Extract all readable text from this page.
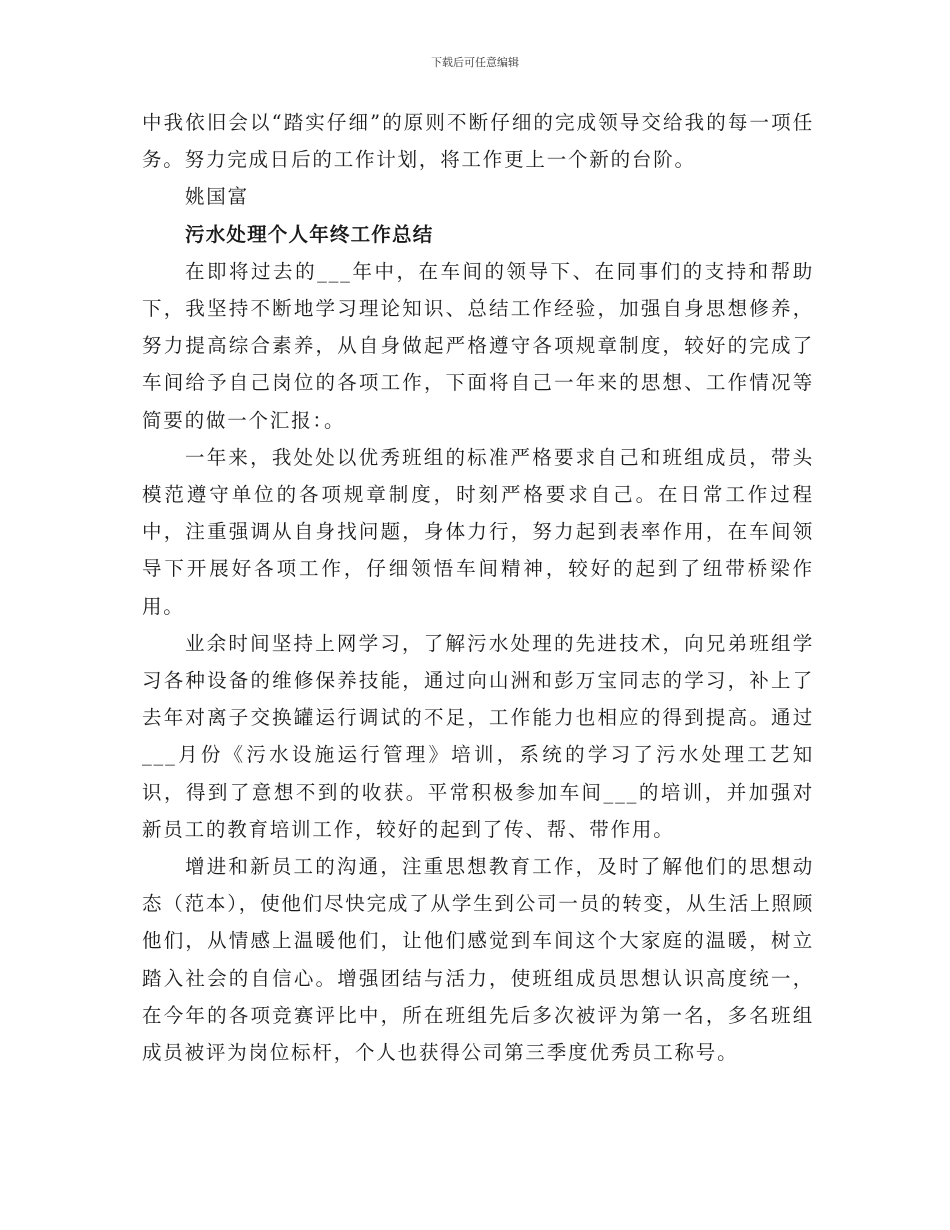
下载后可任意编辑

中我依旧会以“踏实仔细”的原则不断仔细的完成领导交给我的每一项任务。努力完成日后的工作计划，将工作更上一个新的台阶。

姚国富

污水处理个人年终工作总结

在即将过去的___年中，在车间的领导下、在同事们的支持和帮助下，我坚持不断地学习理论知识、总结工作经验，加强自身思想修养，努力提高综合素养，从自身做起严格遵守各项规章制度，较好的完成了车间给予自己岗位的各项工作，下面将自己一年来的思想、工作情况等简要的做一个汇报：。

一年来，我处处以优秀班组的标准严格要求自己和班组成员，带头模范遵守单位的各项规章制度，时刻严格要求自己。在日常工作过程中，注重强调从自身找问题，身体力行，努力起到表率作用，在车间领导下开展好各项工作，仔细领悟车间精神，较好的起到了纽带桥梁作用。

业余时间坚持上网学习，了解污水处理的先进技术，向兄弟班组学习各种设备的维修保养技能，通过向山洲和彭万宝同志的学习，补上了去年对离子交换罐运行调试的不足，工作能力也相应的得到提高。通过___月份《污水设施运行管理》培训，系统的学习了污水处理工艺知识，得到了意想不到的收获。平常积极参加车间___的培训，并加强对新员工的教育培训工作，较好的起到了传、帮、带作用。

增进和新员工的沟通，注重思想教育工作，及时了解他们的思想动态（范本），使他们尽快完成了从学生到公司一员的转变，从生活上照顾他们，从情感上温暖他们，让他们感觉到车间这个大家庭的温暖，树立踏入社会的自信心。增强团结与活力，使班组成员思想认识高度统一，在今年的各项竞赛评比中，所在班组先后多次被评为第一名，多名班组成员被评为岗位标杆，个人也获得公司第三季度优秀员工称号。
